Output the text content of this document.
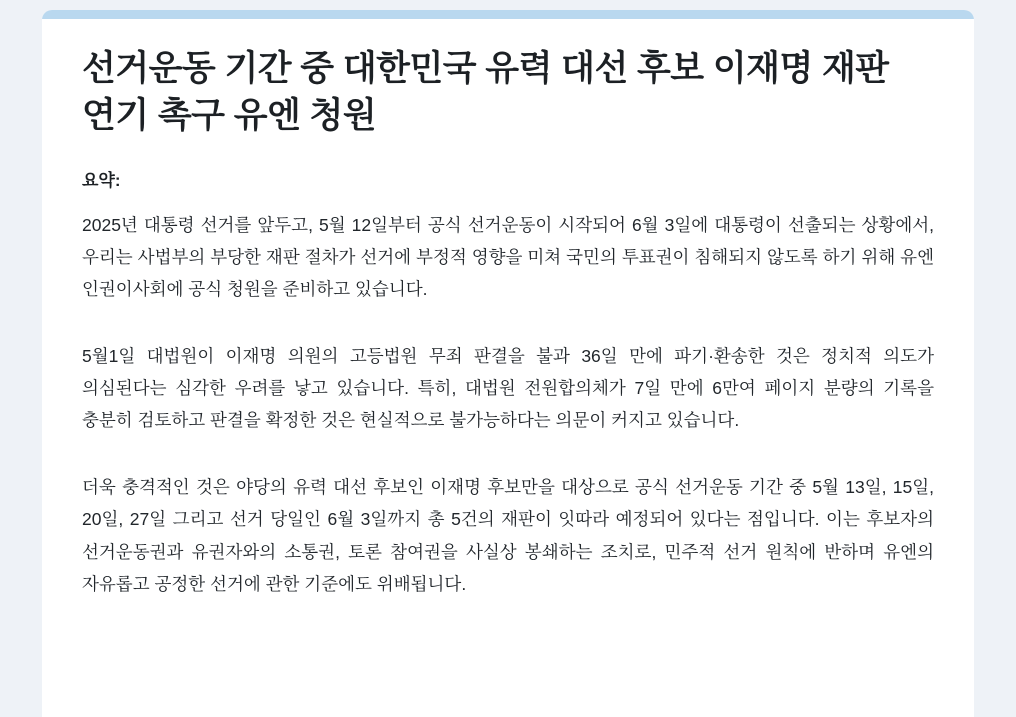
선거운동 기간 중 대한민국 유력 대선 후보 이재명 재판 연기 촉구 유엔 청원
요약:

2025년 대통령 선거를 앞두고, 5월 12일부터 공식 선거운동이 시작되어 6월 3일에 대통령이 선출되는 상황에서, 우리는 사법부의 부당한 재판 절차가 선거에 부정적 영향을 미쳐 국민의 투표권이 침해되지 않도록 하기 위해 유엔 인권이사회에 공식 청원을 준비하고 있습니다.

5월1일 대법원이 이재명 의원의 고등법원 무죄 판결을 불과 36일 만에 파기·환송한 것은 정치적 의도가 의심된다는 심각한 우려를 낳고 있습니다. 특히, 대법원 전원합의체가 7일 만에 6만여 페이지 분량의 기록을 충분히 검토하고 판결을 확정한 것은 현실적으로 불가능하다는 의문이 커지고 있습니다.

더욱 충격적인 것은 야당의 유력 대선 후보인 이재명 후보만을 대상으로 공식 선거운동 기간 중 5월 13일, 15일, 20일, 27일 그리고 선거 당일인 6월 3일까지 총 5건의 재판이 잇따라 예정되어 있다는 점입니다. 이는 후보자의 선거운동권과 유권자와의 소통권, 토론 참여권을 사실상 봉쇄하는 조치로, 민주적 선거 원칙에 반하며 유엔의 자유롭고 공정한 선거에 관한 기준에도 위배됩니다.
